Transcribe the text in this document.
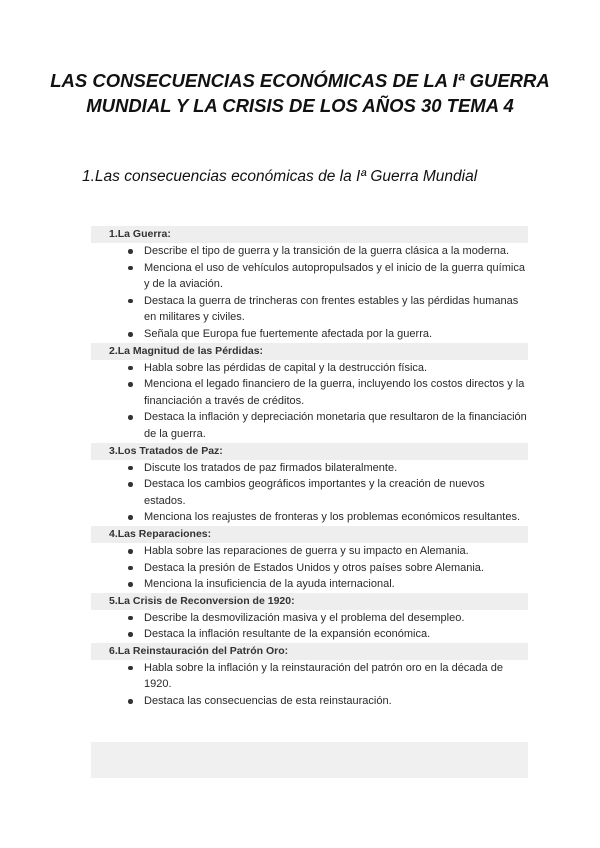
LAS CONSECUENCIAS ECONÓMICAS DE LA Iª GUERRA MUNDIAL Y LA CRISIS DE LOS AÑOS 30 TEMA 4
1.Las consecuencias económicas de la Iª Guerra Mundial
1.La Guerra:
Describe el tipo de guerra y la transición de la guerra clásica a la moderna.
Menciona el uso de vehículos autopropulsados y el inicio de la guerra química y de la aviación.
Destaca la guerra de trincheras con frentes estables y las pérdidas humanas en militares y civiles.
Señala que Europa fue fuertemente afectada por la guerra.
2.La Magnitud de las Pérdidas:
Habla sobre las pérdidas de capital y la destrucción física.
Menciona el legado financiero de la guerra, incluyendo los costos directos y la financiación a través de créditos.
Destaca la inflación y depreciación monetaria que resultaron de la financiación de la guerra.
3.Los Tratados de Paz:
Discute los tratados de paz firmados bilateralmente.
Destaca los cambios geográficos importantes y la creación de nuevos estados.
Menciona los reajustes de fronteras y los problemas económicos resultantes.
4.Las Reparaciones:
Habla sobre las reparaciones de guerra y su impacto en Alemania.
Destaca la presión de Estados Unidos y otros países sobre Alemania.
Menciona la insuficiencia de la ayuda internacional.
5.La Crisis de Reconversion de 1920:
Describe la desmovilización masiva y el problema del desempleo.
Destaca la inflación resultante de la expansión económica.
6.La Reinstauración del Patrón Oro:
Habla sobre la inflación y la reinstauración del patrón oro en la década de 1920.
Destaca las consecuencias de esta reinstauración.
